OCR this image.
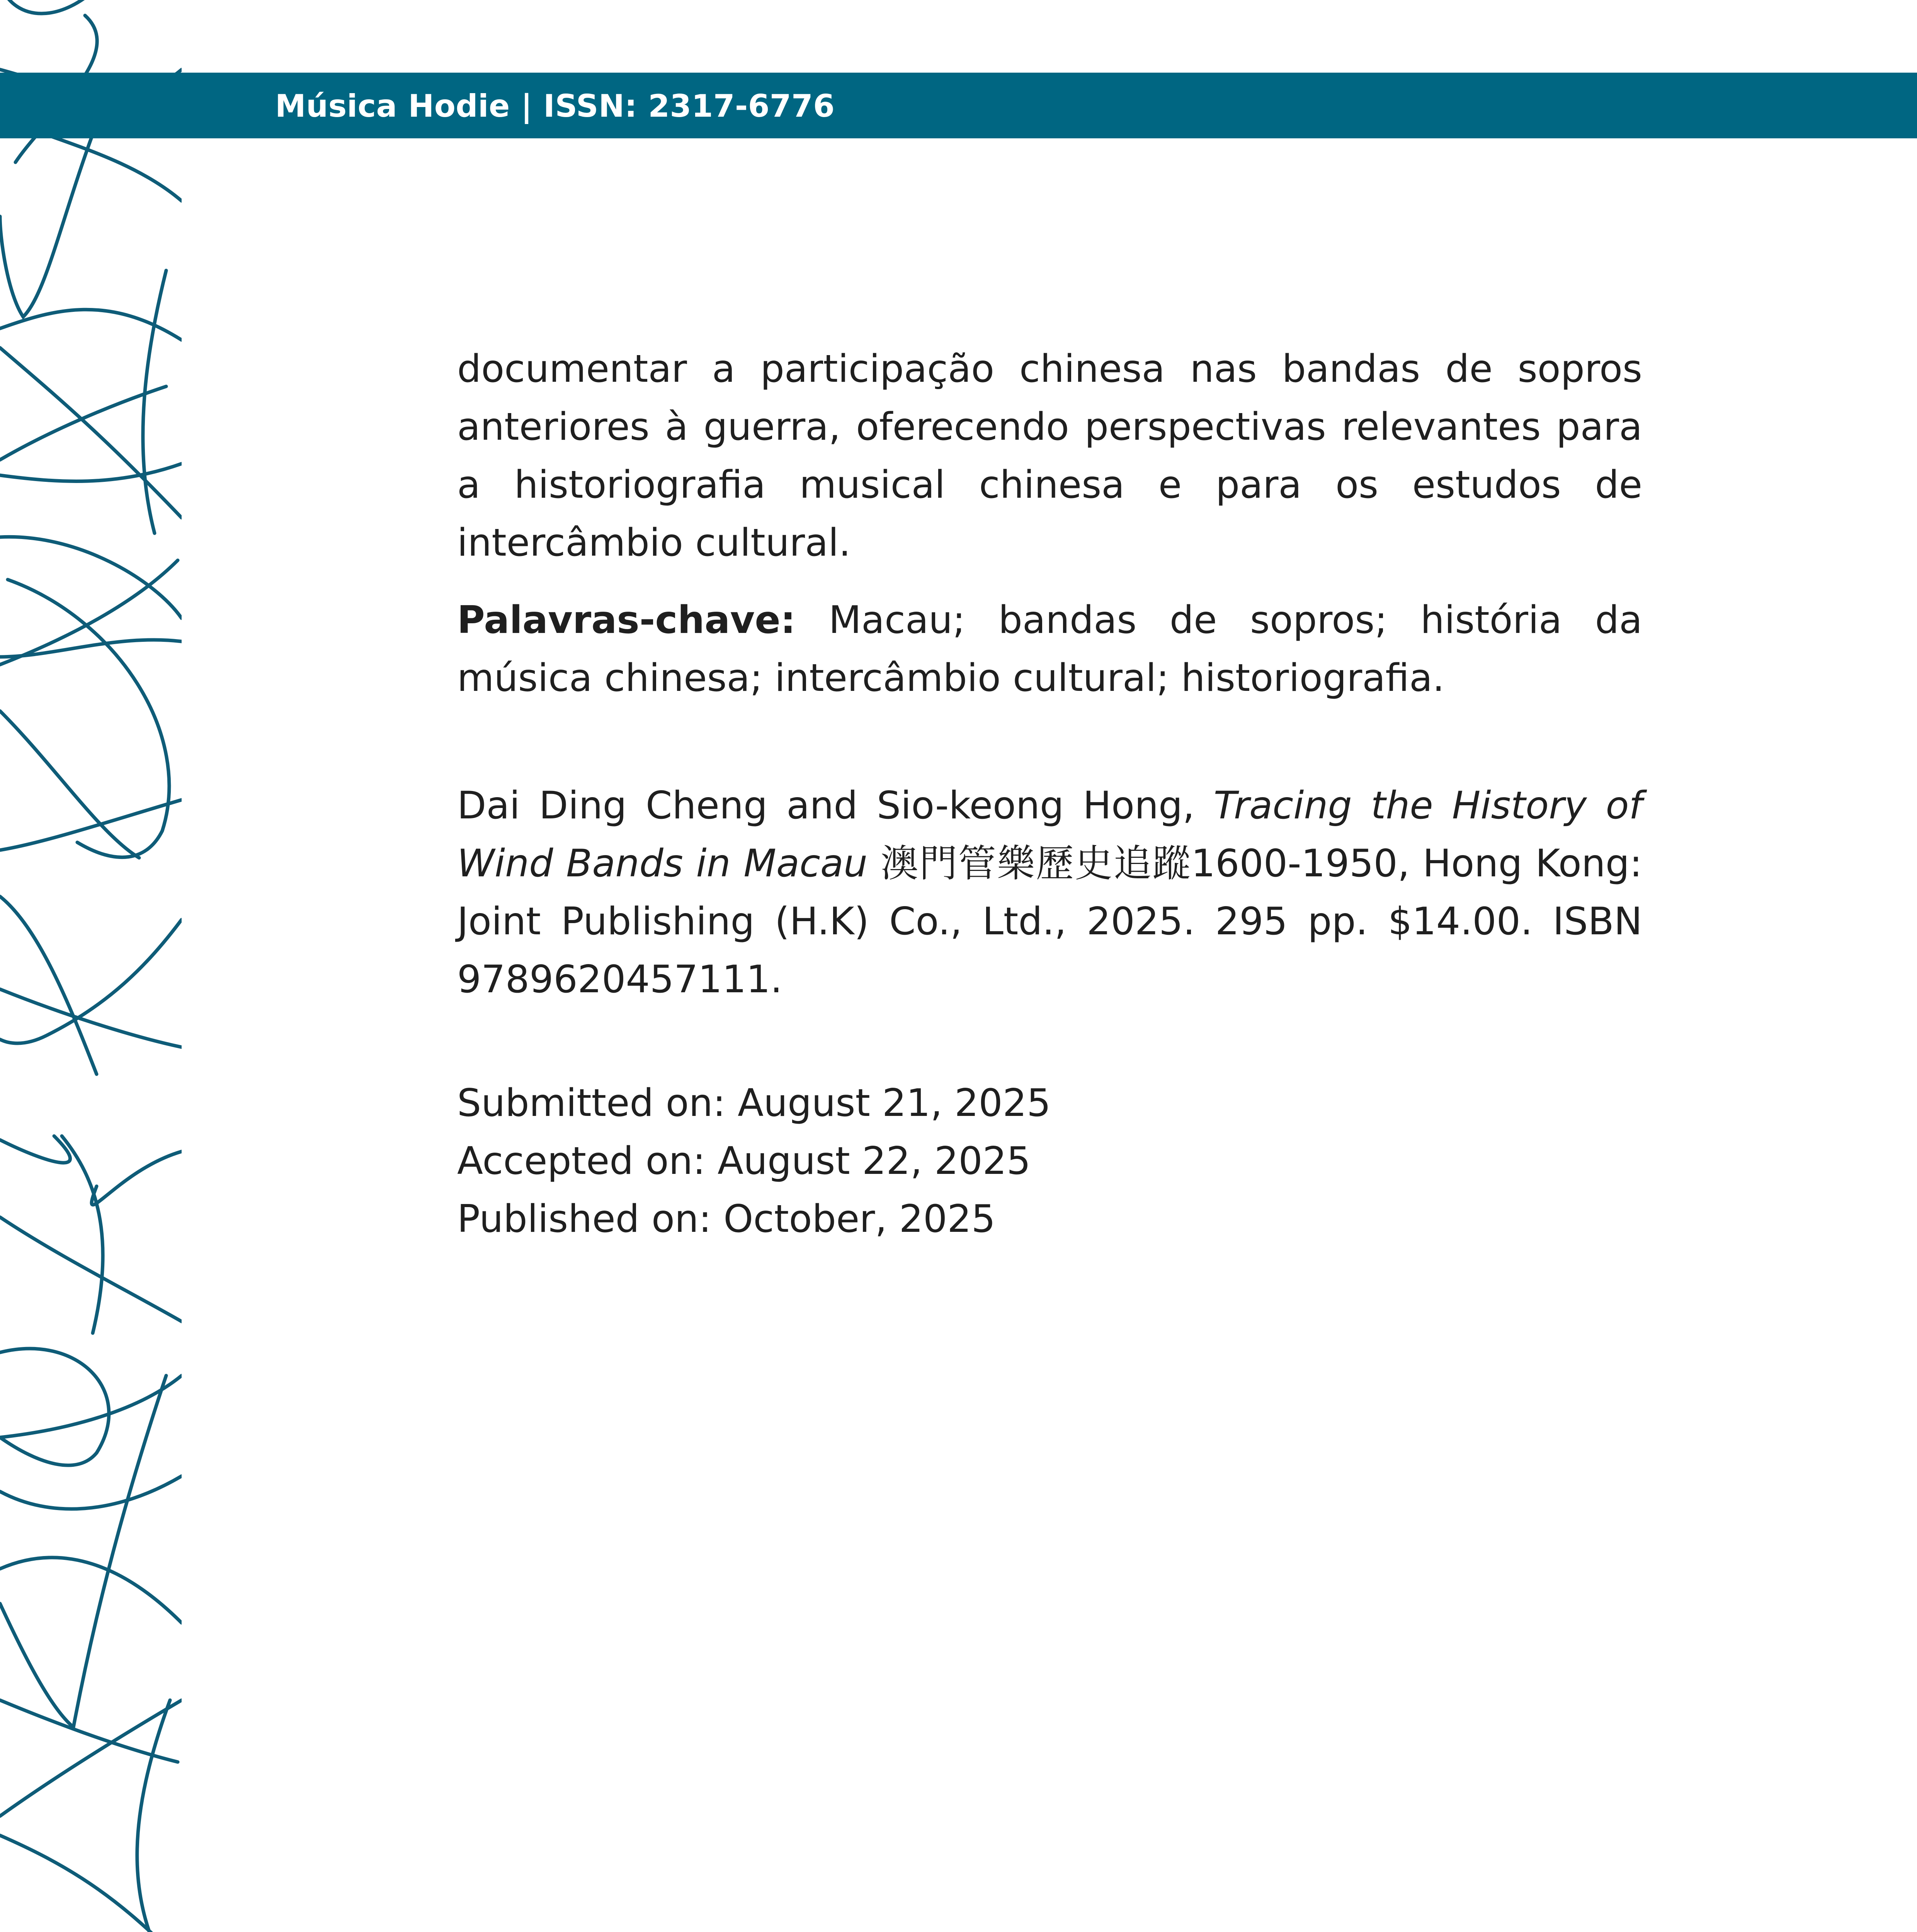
Música Hodie | ISSN: 2317-6776

documentar a participação chinesa nas bandas de sopros anteriores à guerra, oferecendo perspectivas relevantes para a historiografia musical chinesa e para os estudos de intercâmbio cultural.

Palavras-chave: Macau; bandas de sopros; história da música chinesa; intercâmbio cultural; historiografia.

Dai Ding Cheng and Sio-keong Hong, Tracing the History of Wind Bands in Macau 澳門管樂歷史追蹤1600-1950, Hong Kong: Joint Publishing (H.K) Co., Ltd., 2025. 295 pp. $14.00. ISBN 9789620457111.

Submitted on: August 21, 2025

Accepted on: August 22, 2025

Published on: October, 2025
